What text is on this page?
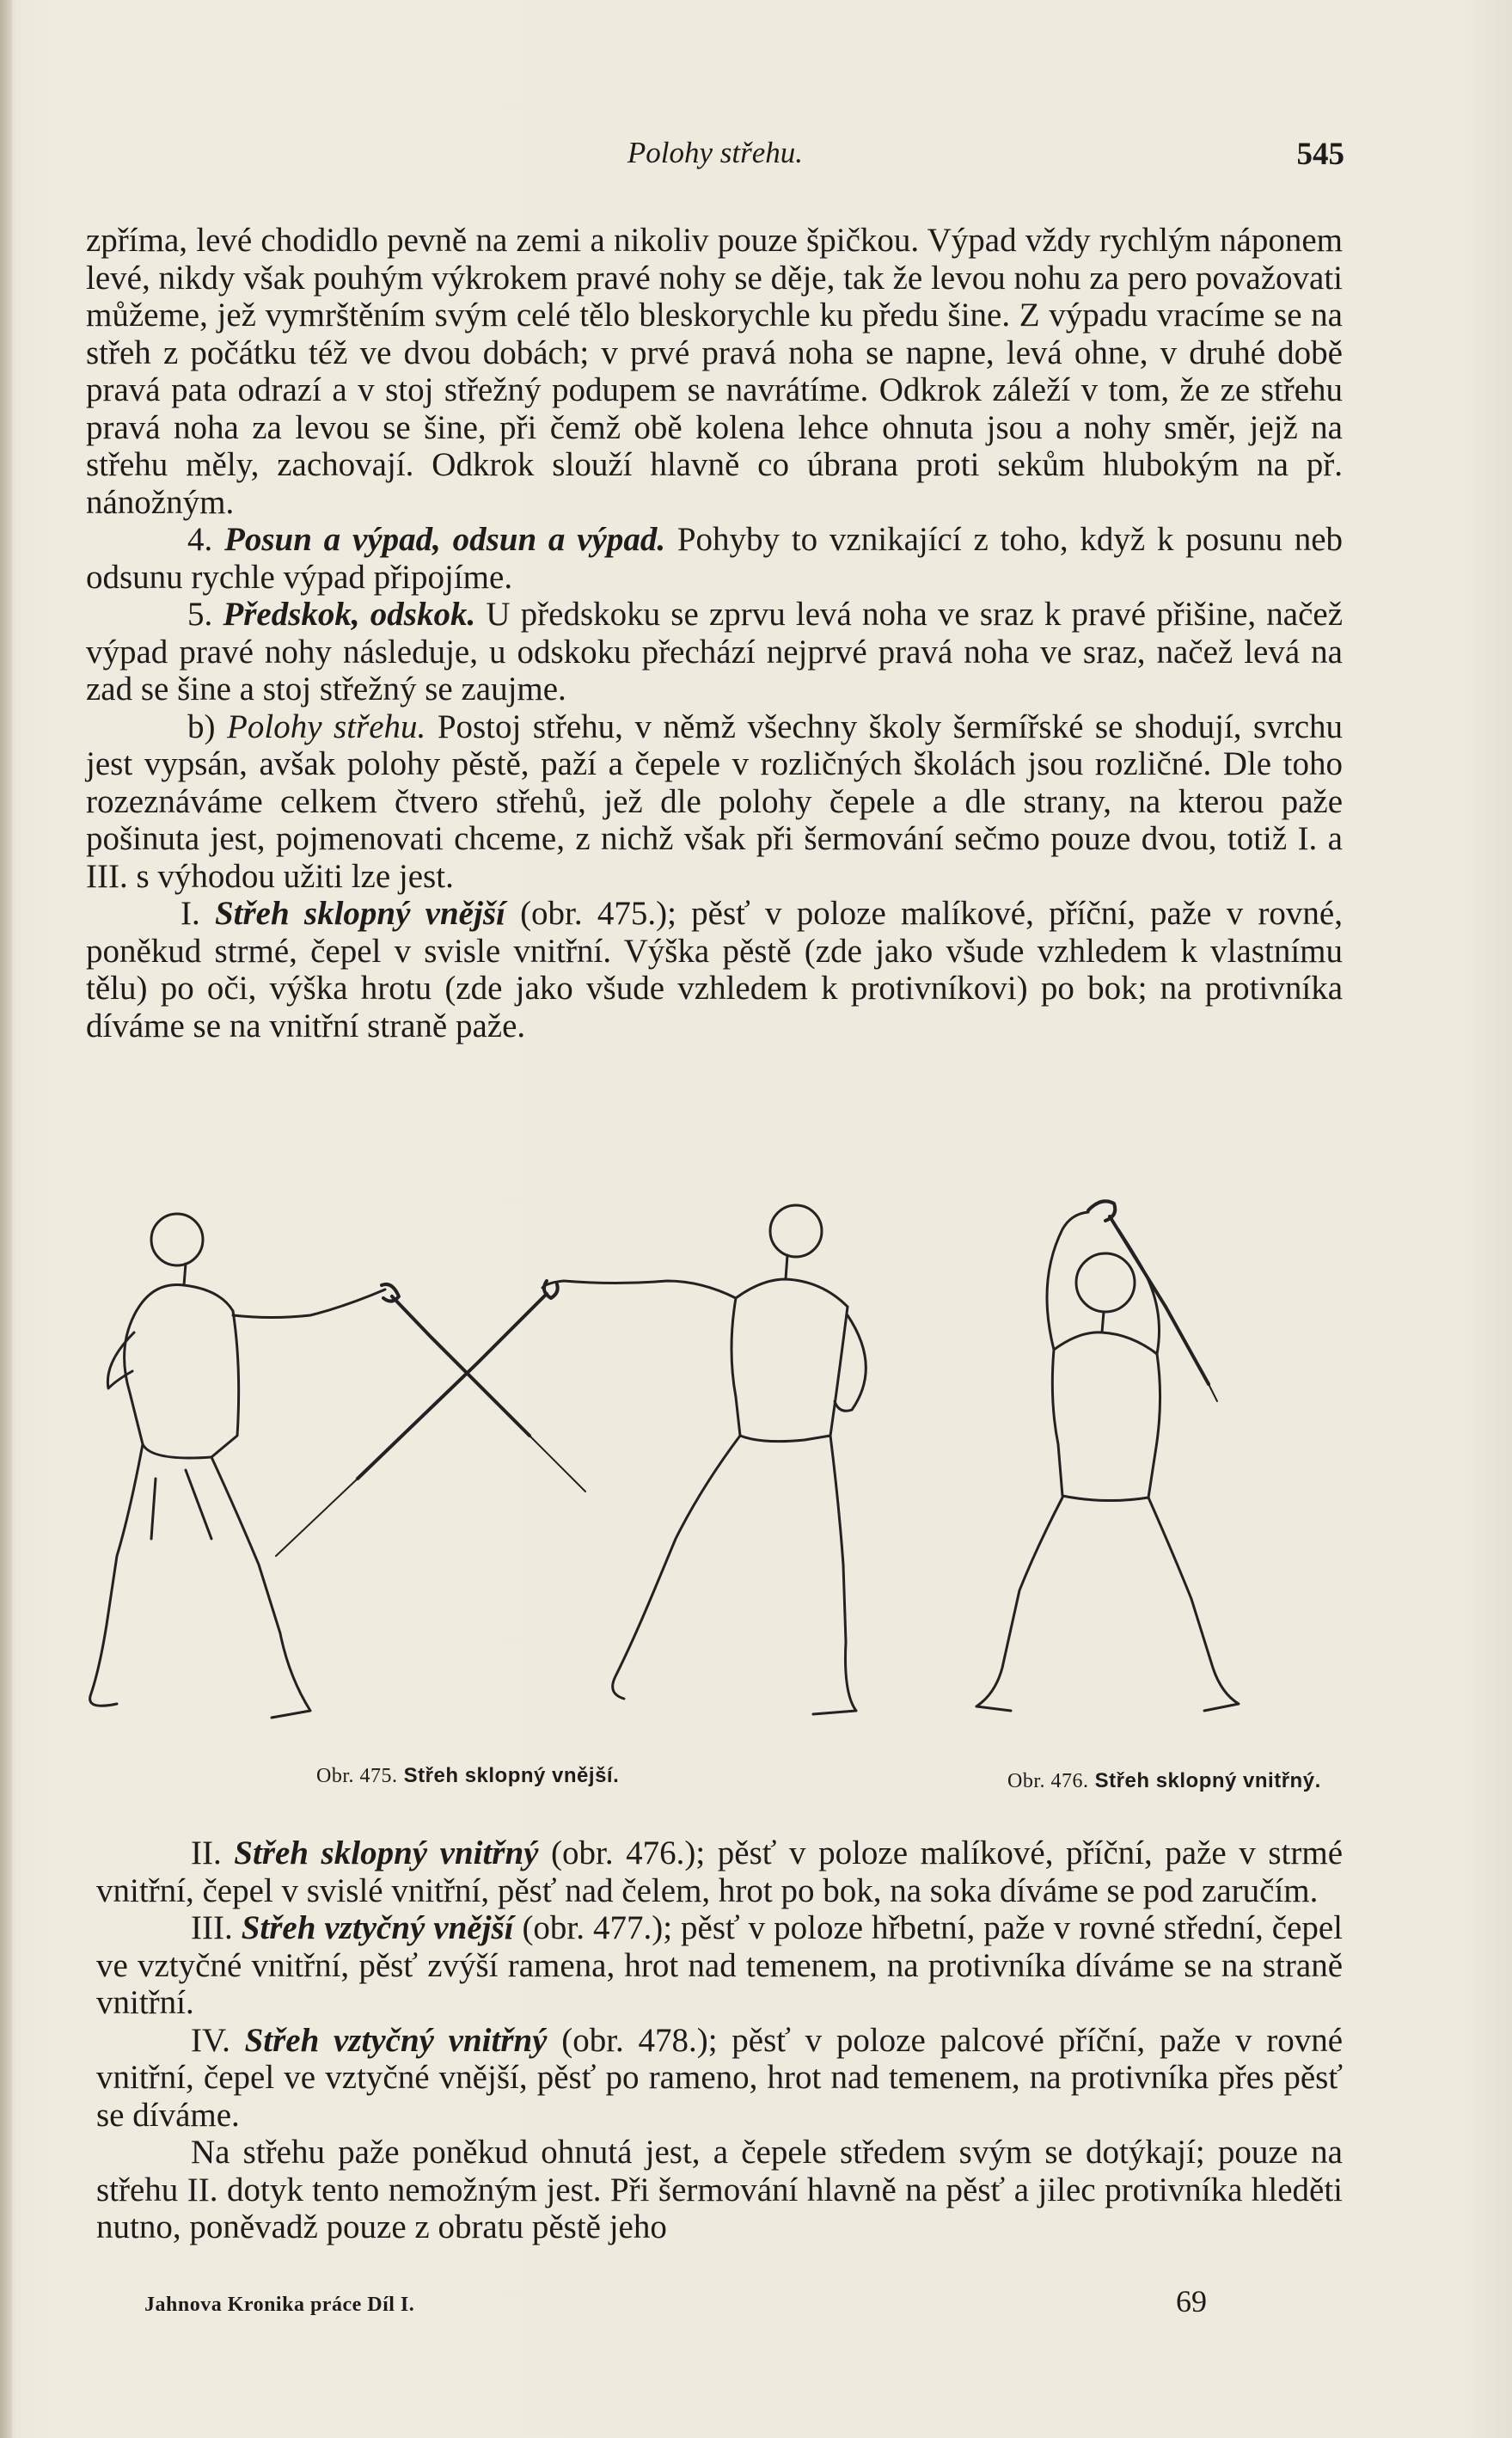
Polohy střehu.	545

zpříma, levé chodidlo pevně na zemi a nikoliv pouze špičkou. Výpad vždy rychlým náponem levé, nikdy však pouhým výkrokem pravé nohy se děje, tak že levou nohu za pero považovati můžeme, jež vymrštěním svým celé tělo bleskorychle ku předu šine. Z výpadu vracíme se na střeh z počátku též ve dvou dobách; v prvé pravá noha se napne, levá ohne, v druhé době pravá pata odrazí a v stoj střežný podupem se navrátíme. Odkrok záleží v tom, že ze střehu pravá noha za levou se šine, při čemž obě kolena lehce ohnuta jsou a nohy směr, jejž na střehu měly, zachovají. Odkrok slouží hlavně co úbrana proti sekům hlubokým na př. nánožným.

4. Posun a výpad, odsun a výpad. Pohyby to vznikající z toho, když k posunu neb odsunu rychle výpad připojíme.

5. Předskok, odskok. U předskoku se zprvu levá noha ve sraz k pravé přišine, načež výpad pravé nohy následuje, u odskoku přechází nejprvé pravá noha ve sraz, načež levá na zad se šine a stoj střežný se zaujme.

b) Polohy střehu. Postoj střehu, v němž všechny školy šermířské se shodují, svrchu jest vypsán, avšak polohy pěstě, paží a čepele v rozličných školách jsou rozličné. Dle toho rozeznáváme celkem čtvero střehů, jež dle polohy čepele a dle strany, na kterou paže pošinuta jest, pojmenovati chceme, z nichž však při šermování sečmo pouze dvou, totiž I. a III. s výhodou užiti lze jest.

I. Střeh sklopný vnější (obr. 475.); pěsť v poloze malíkové, příční, paže v rovné, poněkud strmé, čepel v svisle vnitřní. Výška pěstě (zde jako všude vzhledem k vlastnímu tělu) po oči, výška hrotu (zde jako všude vzhledem k protivníkovi) po bok; na protivníka díváme se na vnitřní straně paže.

Obr. 475. Střeh sklopný vnější.	Obr. 476. Střeh sklopný vnitřný.

II. Střeh sklopný vnitřný (obr. 476.); pěsť v poloze malíkové, příční, paže v strmé vnitřní, čepel v svislé vnitřní, pěsť nad čelem, hrot po bok, na soka díváme se pod zaručím.

III. Střeh vztyčný vnější (obr. 477.); pěsť v poloze hřbetní, paže v rovné střední, čepel ve vztyčné vnitřní, pěsť zvýší ramena, hrot nad temenem, na protivníka díváme se na straně vnitřní.

IV. Střeh vztyčný vnitřný (obr. 478.); pěsť v poloze palcové příční, paže v rovné vnitřní, čepel ve vztyčné vnější, pěsť po rameno, hrot nad temenem, na protivníka přes pěsť se díváme.

Na střehu paže poněkud ohnutá jest, a čepele středem svým se dotýkají; pouze na střehu II. dotyk tento nemožným jest. Při šermování hlavně na pěsť a jilec protivníka hleděti nutno, poněvadž pouze z obratu pěstě jeho

Jahnova Kronika práce Díl I.	69
